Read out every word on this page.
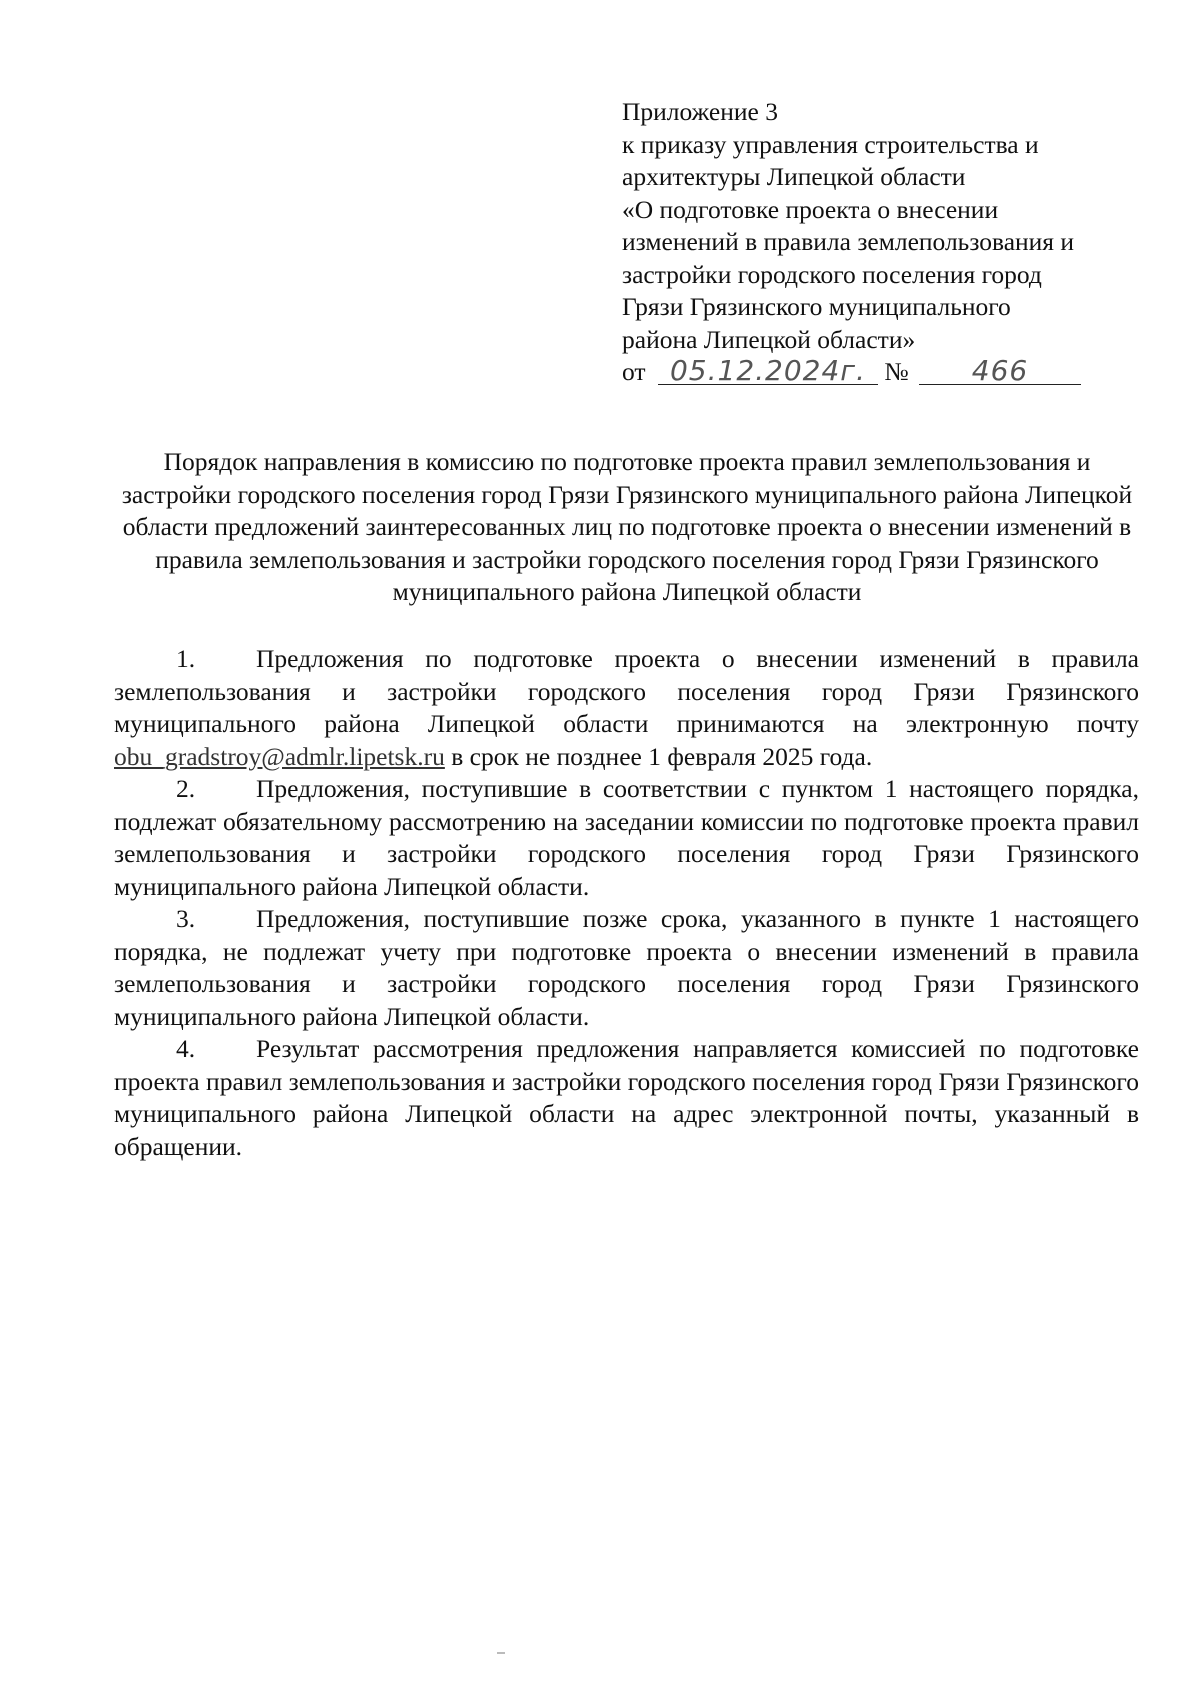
Приложение 3
к приказу управления строительства и
архитектуры Липецкой области
«О подготовке проекта о внесении
изменений в правила землепользования и
застройки городского поселения город
Грязи Грязинского муниципального
района Липецкой области»
от 05.12.2024г. № 466
Порядок направления в комиссию по подготовке проекта правил землепользования и застройки городского поселения город Грязи Грязинского муниципального района Липецкой области предложений заинтересованных лиц по подготовке проекта о внесении изменений в правила землепользования и застройки городского поселения город Грязи Грязинского муниципального района Липецкой области
1. Предложения по подготовке проекта о внесении изменений в правила землепользования и застройки городского поселения город Грязи Грязинского муниципального района Липецкой области принимаются на электронную почту obu_gradstroy@admlr.lipetsk.ru в срок не позднее 1 февраля 2025 года.
2. Предложения, поступившие в соответствии с пунктом 1 настоящего порядка, подлежат обязательному рассмотрению на заседании комиссии по подготовке проекта правил землепользования и застройки городского поселения город Грязи Грязинского муниципального района Липецкой области.
3. Предложения, поступившие позже срока, указанного в пункте 1 настоящего порядка, не подлежат учету при подготовке проекта о внесении изменений в правила землепользования и застройки городского поселения город Грязи Грязинского муниципального района Липецкой области.
4. Результат рассмотрения предложения направляется комиссией по подготовке проекта правил землепользования и застройки городского поселения город Грязи Грязинского муниципального района Липецкой области на адрес электронной почты, указанный в обращении.
